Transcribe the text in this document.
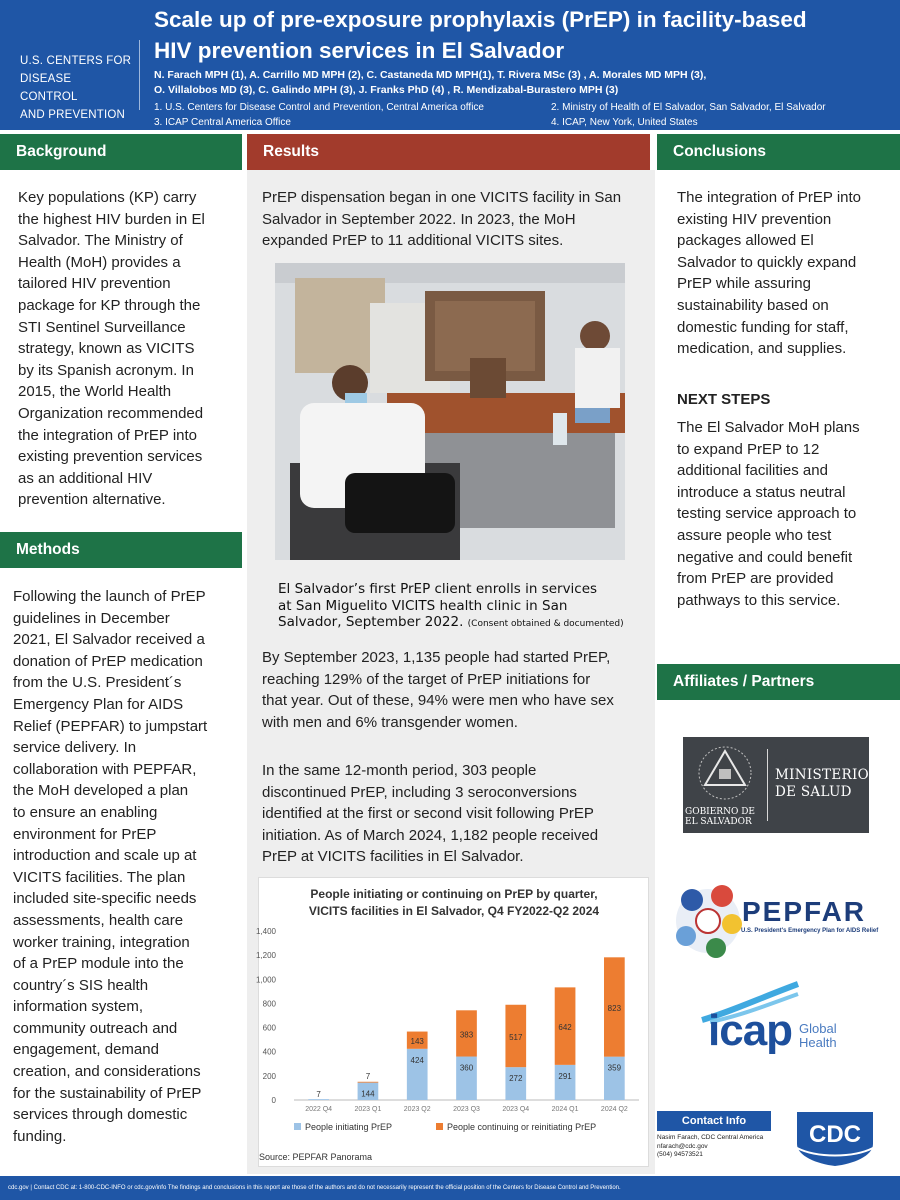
U.S. CENTERS FOR
DISEASE CONTROL
AND PREVENTION
Scale up of pre-exposure prophylaxis (PrEP) in facility-based
HIV prevention services in El Salvador
N. Farach MPH (1), A. Carrillo MD MPH (2), C. Castaneda MD MPH(1), T. Rivera MSc (3) , A. Morales MD MPH (3),
O. Villalobos MD (3), C. Galindo MPH (3), J. Franks PhD (4) , R. Mendizabal-Burastero MPH (3)
1. U.S. Centers for Disease Control and Prevention, Central America office	2. Ministry of Health of El Salvador, San Salvador, El Salvador
3. ICAP Central America Office	4. ICAP, New York, United States
Background
Key populations (KP) carry
the highest HIV burden in El
Salvador. The Ministry of
Health (MoH) provides a
tailored HIV prevention
package for KP through the
STI Sentinel Surveillance
strategy, known as VICITS
by its Spanish acronym. In
2015, the World Health
Organization recommended
the integration of PrEP into
existing prevention services
as an additional HIV
prevention alternative.
Methods
Following the launch of PrEP
guidelines in December
2021, El Salvador received a
donation of PrEP medication
from the U.S. President´s
Emergency Plan for AIDS
Relief (PEPFAR) to jumpstart
service delivery. In
collaboration with PEPFAR,
the MoH developed a plan
to ensure an enabling
environment for PrEP
introduction and scale up at
VICITS facilities. The plan
included site-specific needs
assessments, health care
worker training, integration
of a PrEP module into the
country´s SIS health
information system,
community outreach and
engagement, demand
creation, and considerations
for the sustainability of PrEP
services through domestic
funding.
Results
PrEP dispensation began in one VICITS facility in San
Salvador in September 2022. In 2023, the MoH
expanded PrEP to 11 additional VICITS sites.
El Salvador’s first PrEP client enrolls in services
at San Miguelito VICITS health clinic in San
Salvador, September 2022. (Consent obtained & documented)
By September 2023, 1,135 people had started PrEP,
reaching 129% of the target of PrEP initiations for
that year. Out of these, 94% were men who have sex
with men and 6% transgender women.
In the same 12-month period, 303 people
discontinued PrEP, including 3 seroconversions
identified at the first or second visit following PrEP
initiation. As of March 2024, 1,182 people received
PrEP at VICITS facilities in El Salvador.
People initiating or continuing on PrEP by quarter,
VICITS facilities in El Salvador, Q4 FY2022-Q2 2024
0
200
400
600
800
1,000
1,200
1,400
7	144
7
424
143
360
383
272
517
291
642
359
823
2022 Q4	2023 Q1	2023 Q2	2023 Q3	2023 Q4	2024 Q1	2024 Q2
People initiating PrEP	People continuing or reinitiating PrEP
Source: PEPFAR Panorama
Conclusions
The integration of PrEP into
existing HIV prevention
packages allowed El
Salvador to quickly expand
PrEP while assuring
sustainability based on
domestic funding for staff,
medication, and supplies.
NEXT STEPS
The El Salvador MoH plans
to expand PrEP to 12
additional facilities and
introduce a status neutral
testing service approach to
assure people who test
negative and could benefit
from PrEP are provided
pathways to this service.
Affiliates / Partners
GOBIERNO DE
EL SALVADOR
MINISTERIO
DE SALUD
PEPFAR
U.S. President's Emergency Plan for AIDS Relief
icap Global
Health
Contact Info
Nasim Farach, CDC Central America
nfarach@cdc.gov
(504) 94573521
CDC
cdc.gov | Contact CDC at: 1-800-CDC-INFO or cdc.gov/info The findings and conclusions in this report are those of the authors and do not necessarily represent the official position of the Centers for Disease Control and Prevention.
